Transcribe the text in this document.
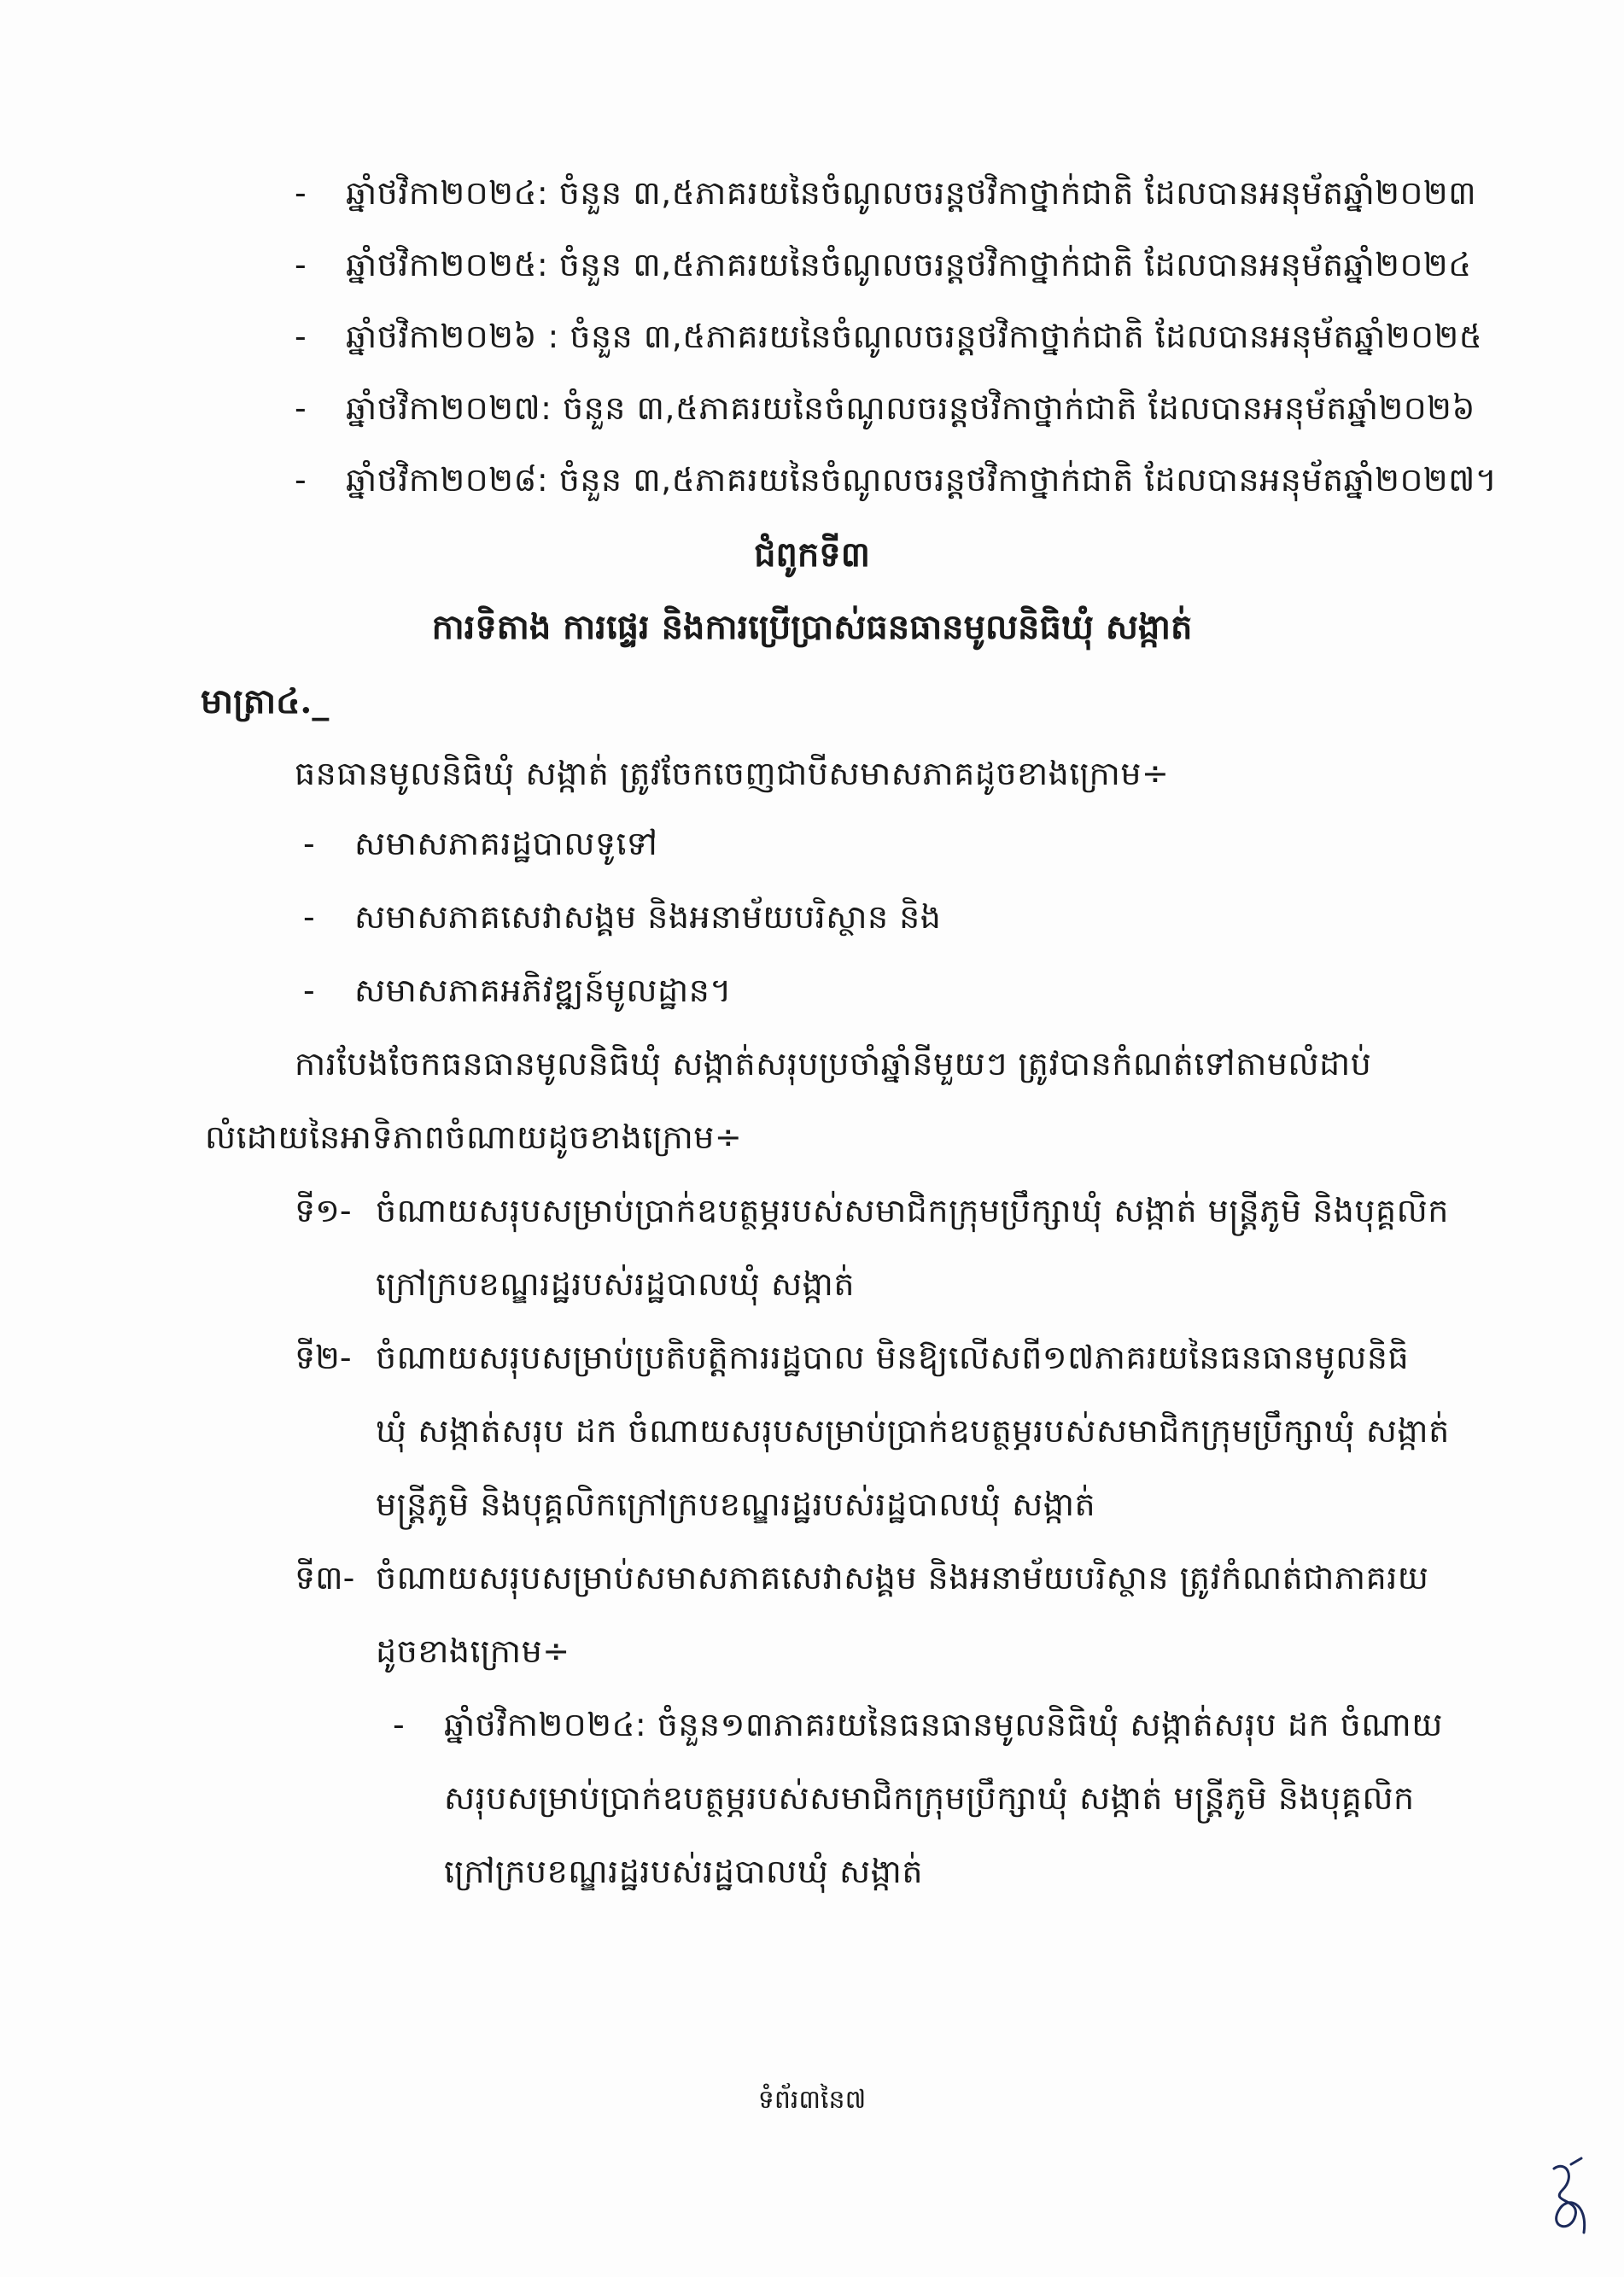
- ឆ្នាំថវិកា២០២៤: ចំនួន ៣,៥ភាគរយនៃចំណូលចរន្តថវិកាថ្នាក់ជាតិ ដែលបានអនុម័តឆ្នាំ២០២៣
- ឆ្នាំថវិកា២០២៥: ចំនួន ៣,៥ភាគរយនៃចំណូលចរន្តថវិកាថ្នាក់ជាតិ ដែលបានអនុម័តឆ្នាំ២០២៤
- ឆ្នាំថវិកា២០២៦ : ចំនួន ៣,៥ភាគរយនៃចំណូលចរន្តថវិកាថ្នាក់ជាតិ ដែលបានអនុម័តឆ្នាំ២០២៥
- ឆ្នាំថវិកា២០២៧: ចំនួន ៣,៥ភាគរយនៃចំណូលចរន្តថវិកាថ្នាក់ជាតិ ដែលបានអនុម័តឆ្នាំ២០២៦
- ឆ្នាំថវិកា២០២៨: ចំនួន ៣,៥ភាគរយនៃចំណូលចរន្តថវិកាថ្នាក់ជាតិ ដែលបានអនុម័តឆ្នាំ២០២៧។
ជំពូកទី៣
ការទិតាង ការផ្ទេរ និងការប្រើប្រាស់ធនធានមូលនិធិឃុំ សង្កាត់
មាត្រា៤._
ធនធានមូលនិធិឃុំ សង្កាត់ ត្រូវចែកចេញជាបីសមាសភាគដូចខាងក្រោម÷
- សមាសភាគរដ្ឋបាលទូទៅ
- សមាសភាគសេវាសង្គម និងអនាម័យបរិស្ថាន និង
- សមាសភាគអភិវឌ្ឍន៍មូលដ្ឋាន។
ការបែងចែកធនធានមូលនិធិឃុំ សង្កាត់សរុបប្រចាំឆ្នាំនីមួយៗ ត្រូវបានកំណត់ទៅតាមលំដាប់
លំដោយនៃអាទិភាពចំណាយដូចខាងក្រោម÷
ទី១- ចំណាយសរុបសម្រាប់ប្រាក់ឧបត្ថម្ភរបស់សមាជិកក្រុមប្រឹក្សាឃុំ សង្កាត់ មន្ត្រីភូមិ និងបុគ្គលិក
ក្រៅក្របខណ្ឌរដ្ឋរបស់រដ្ឋបាលឃុំ សង្កាត់
ទី២- ចំណាយសរុបសម្រាប់ប្រតិបត្តិការរដ្ឋបាល មិនឱ្យលើសពី១៧ភាគរយនៃធនធានមូលនិធិ
ឃុំ សង្កាត់សរុប ដក ចំណាយសរុបសម្រាប់ប្រាក់ឧបត្ថម្ភរបស់សមាជិកក្រុមប្រឹក្សាឃុំ សង្កាត់
មន្ត្រីភូមិ និងបុគ្គលិកក្រៅក្របខណ្ឌរដ្ឋរបស់រដ្ឋបាលឃុំ សង្កាត់
ទី៣- ចំណាយសរុបសម្រាប់សមាសភាគសេវាសង្គម និងអនាម័យបរិស្ថាន ត្រូវកំណត់ជាភាគរយ
ដូចខាងក្រោម÷
- ឆ្នាំថវិកា២០២៤: ចំនួន១៣ភាគរយនៃធនធានមូលនិធិឃុំ សង្កាត់សរុប ដក ចំណាយ
សរុបសម្រាប់ប្រាក់ឧបត្ថម្ភរបស់សមាជិកក្រុមប្រឹក្សាឃុំ សង្កាត់ មន្ត្រីភូមិ និងបុគ្គលិក
ក្រៅក្របខណ្ឌរដ្ឋរបស់រដ្ឋបាលឃុំ សង្កាត់
ទំព័រ៣នៃ៧
